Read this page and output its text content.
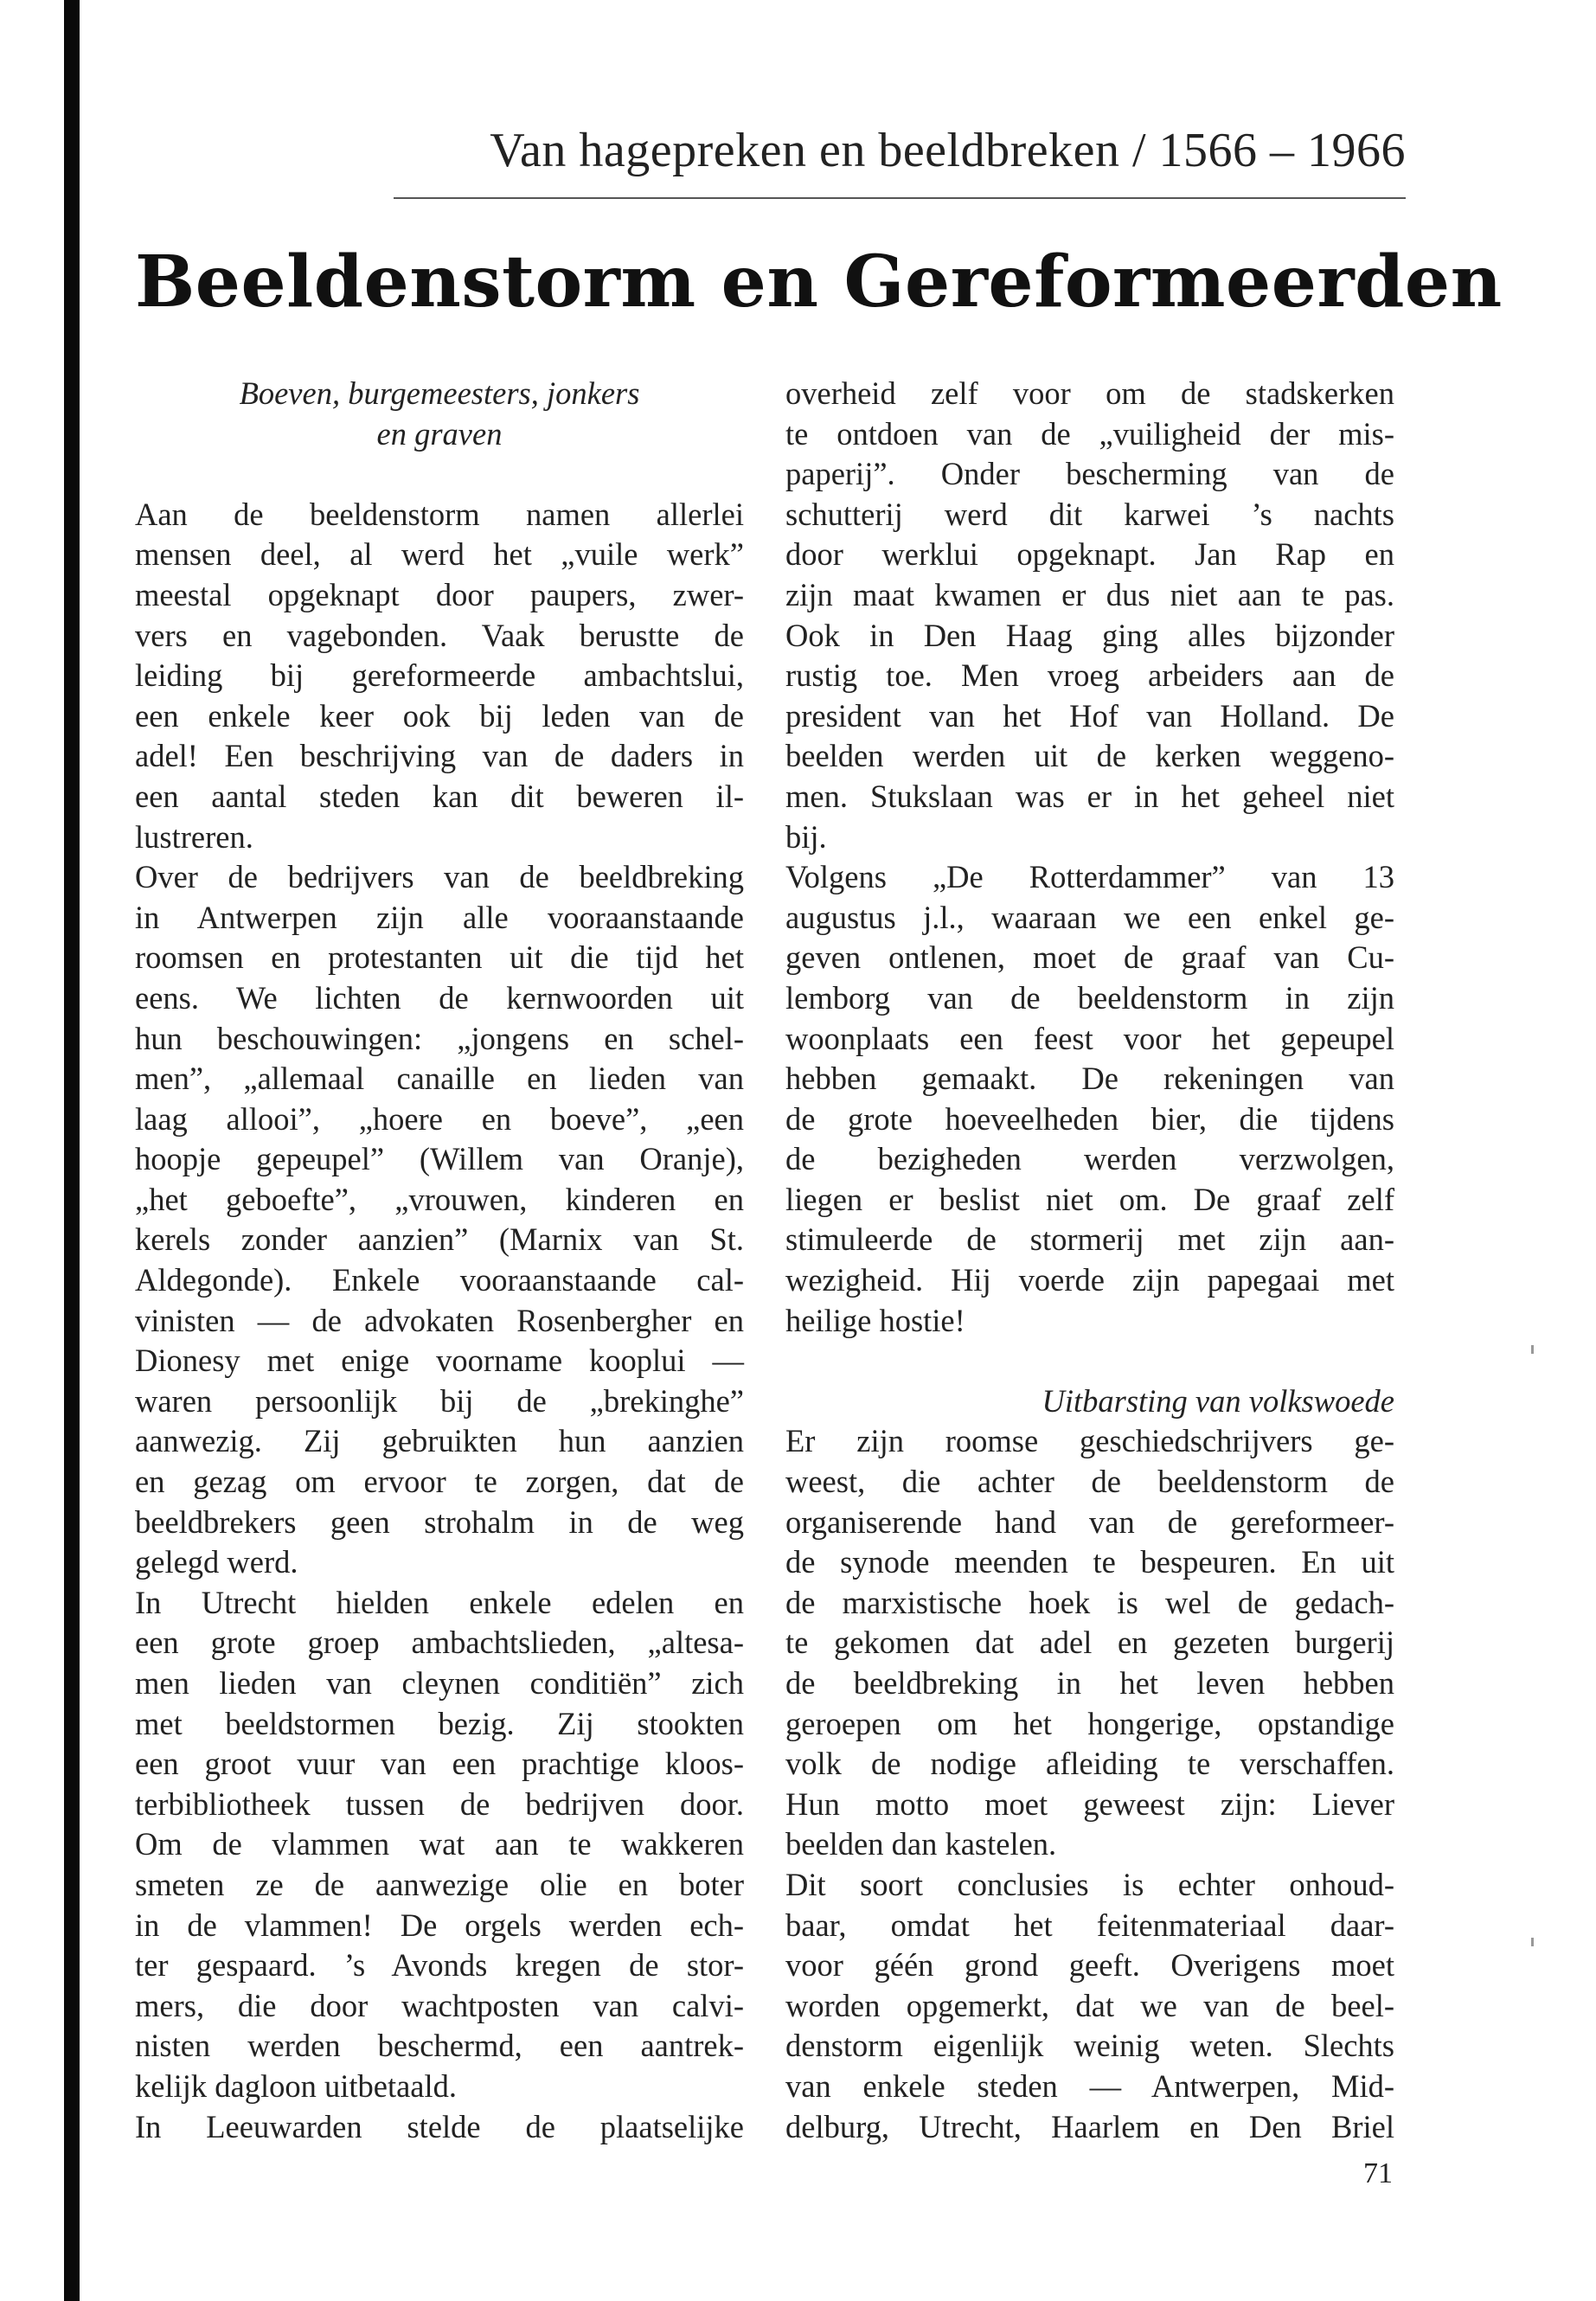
Van hagepreken en beeldbreken / 1566 – 1966
Beeldenstorm en Gereformeerden
Boeven, burgemeesters, jonkers
en graven
Aan de beeldenstorm namen allerlei
mensen deel, al werd het „vuile werk”
meestal opgeknapt door paupers, zwer-
vers en vagebonden. Vaak berustte de
leiding bij gereformeerde ambachtslui,
een enkele keer ook bij leden van de
adel! Een beschrijving van de daders in
een aantal steden kan dit beweren il-
lustreren.
Over de bedrijvers van de beeldbreking
in Antwerpen zijn alle vooraanstaande
roomsen en protestanten uit die tijd het
eens. We lichten de kernwoorden uit
hun beschouwingen: „jongens en schel-
men”, „allemaal canaille en lieden van
laag allooi”, „hoere en boeve”, „een
hoopje gepeupel” (Willem van Oranje),
„het geboefte”, „vrouwen, kinderen en
kerels zonder aanzien” (Marnix van St.
Aldegonde). Enkele vooraanstaande cal-
vinisten — de advokaten Rosenbergher en
Dionesy met enige voorname kooplui —
waren persoonlijk bij de „brekinghe”
aanwezig. Zij gebruikten hun aanzien
en gezag om ervoor te zorgen, dat de
beeldbrekers geen strohalm in de weg
gelegd werd.
In Utrecht hielden enkele edelen en
een grote groep ambachtslieden, „altesa-
men lieden van cleynen conditiën” zich
met beeldstormen bezig. Zij stookten
een groot vuur van een prachtige kloos-
terbibliotheek tussen de bedrijven door.
Om de vlammen wat aan te wakkeren
smeten ze de aanwezige olie en boter
in de vlammen! De orgels werden ech-
ter gespaard. ’s Avonds kregen de stor-
mers, die door wachtposten van calvi-
nisten werden beschermd, een aantrek-
kelijk dagloon uitbetaald.
In Leeuwarden stelde de plaatselijke
overheid zelf voor om de stadskerken
te ontdoen van de „vuiligheid der mis-
paperij”. Onder bescherming van de
schutterij werd dit karwei ’s nachts
door werklui opgeknapt. Jan Rap en
zijn maat kwamen er dus niet aan te pas.
Ook in Den Haag ging alles bijzonder
rustig toe. Men vroeg arbeiders aan de
president van het Hof van Holland. De
beelden werden uit de kerken weggeno-
men. Stukslaan was er in het geheel niet
bij.
Volgens „De Rotterdammer” van 13
augustus j.l., waaraan we een enkel ge-
geven ontlenen, moet de graaf van Cu-
lemborg van de beeldenstorm in zijn
woonplaats een feest voor het gepeupel
hebben gemaakt. De rekeningen van
de grote hoeveelheden bier, die tijdens
de bezigheden werden verzwolgen,
liegen er beslist niet om. De graaf zelf
stimuleerde de stormerij met zijn aan-
wezigheid. Hij voerde zijn papegaai met
heilige hostie!
Uitbarsting van volkswoede
Er zijn roomse geschiedschrijvers ge-
weest, die achter de beeldenstorm de
organiserende hand van de gereformeer-
de synode meenden te bespeuren. En uit
de marxistische hoek is wel de gedach-
te gekomen dat adel en gezeten burgerij
de beeldbreking in het leven hebben
geroepen om het hongerige, opstandige
volk de nodige afleiding te verschaffen.
Hun motto moet geweest zijn: Liever
beelden dan kastelen.
Dit soort conclusies is echter onhoud-
baar, omdat het feitenmateriaal daar-
voor géén grond geeft. Overigens moet
worden opgemerkt, dat we van de beel-
denstorm eigenlijk weinig weten. Slechts
van enkele steden — Antwerpen, Mid-
delburg, Utrecht, Haarlem en Den Briel
71
